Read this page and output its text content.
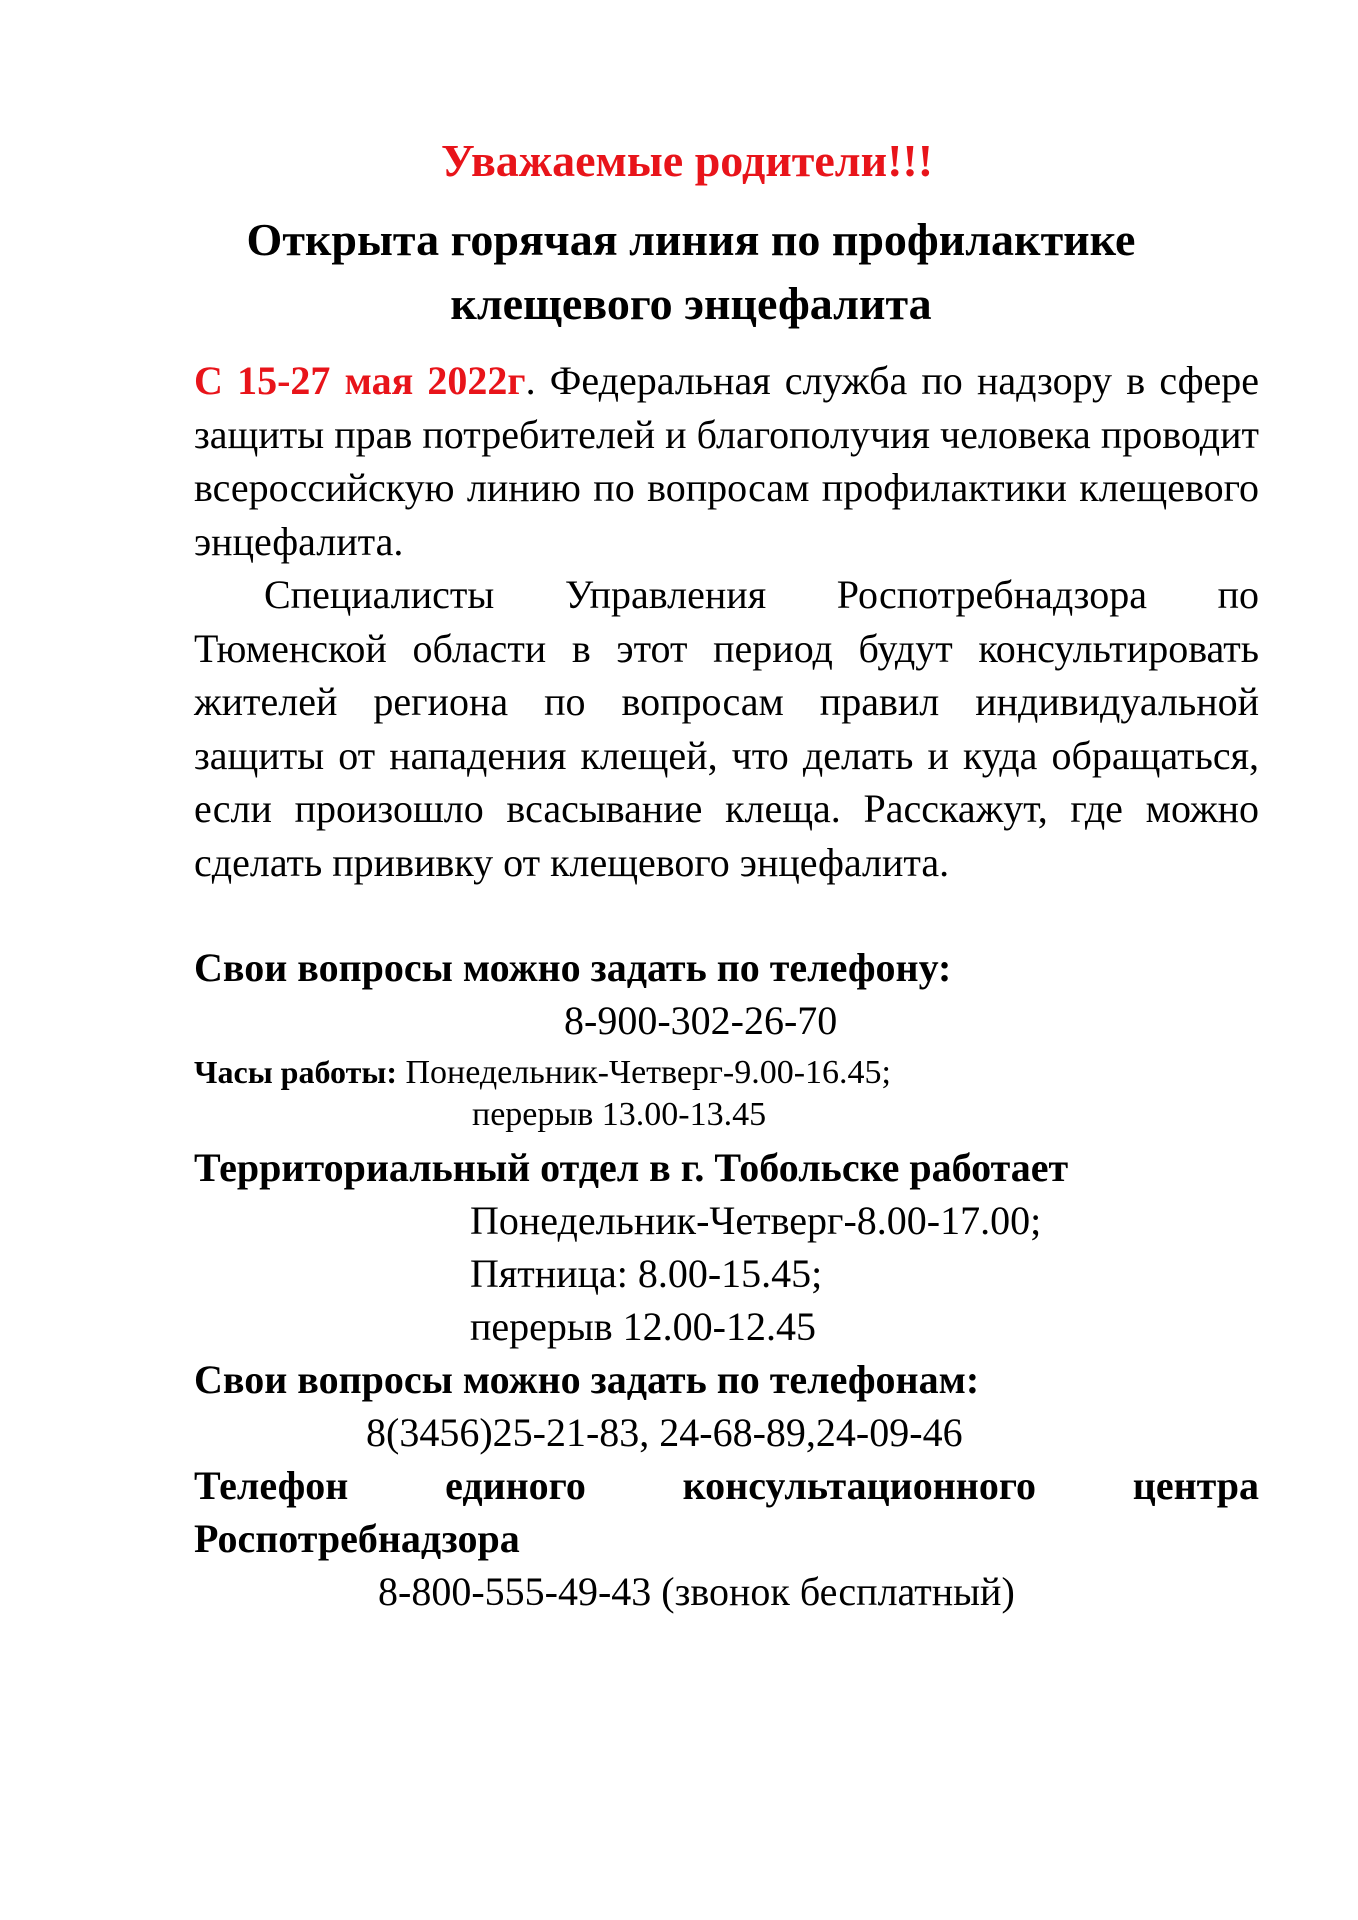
Уважаемые родители!!!
Открыта горячая линия по профилактике
клещевого энцефалита
С 15-27 мая 2022г. Федеральная служба по надзору в сфере защиты прав потребителей и благополучия человека проводит всероссийскую линию по вопросам профилактики клещевого энцефалита.
Специалисты Управления Роспотребнадзора по Тюменской области в этот период будут консультировать жителей региона по вопросам правил индивидуальной защиты от нападения клещей, что делать и куда обращаться, если произошло всасывание клеща. Расскажут, где можно сделать прививку от клещевого энцефалита.
Свои вопросы можно задать по телефону:
8-900-302-26-70
Часы работы: Понедельник-Четверг-9.00-16.45;
перерыв 13.00-13.45
Территориальный отдел в г. Тобольске работает
Понедельник-Четверг-8.00-17.00;
Пятница: 8.00-15.45;
перерыв 12.00-12.45
Свои вопросы можно задать по телефонам:
8(3456)25-21-83, 24-68-89,24-09-46
Телефон единого консультационного центра
Роспотребнадзора
8-800-555-49-43 (звонок бесплатный)
